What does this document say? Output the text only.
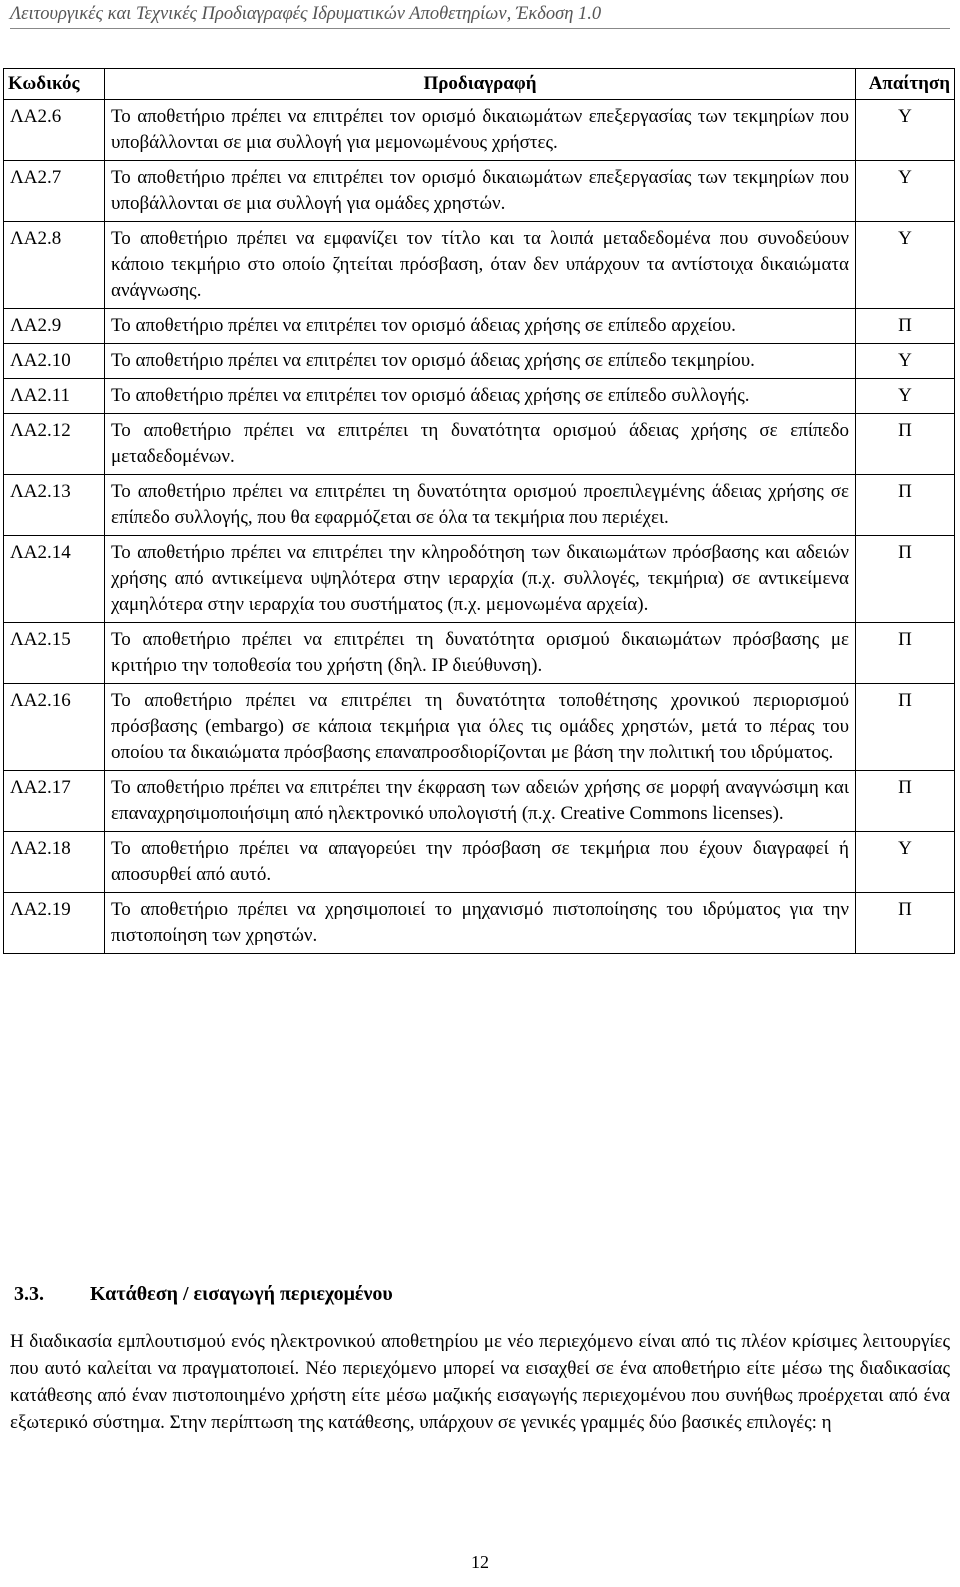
Λειτουργικές και Τεχνικές Προδιαγραφές Ιδρυματικών Αποθετηρίων, Έκδοση 1.0
Κωδικός	Προδιαγραφή	Απαίτηση
ΛΑ2.6	Το αποθετήριο πρέπει να επιτρέπει τον ορισμό δικαιωμάτων επεξεργασίας των τεκμηρίων που υποβάλλονται σε μια συλλογή για μεμονωμένους χρήστες.	Υ
ΛΑ2.7	Το αποθετήριο πρέπει να επιτρέπει τον ορισμό δικαιωμάτων επεξεργασίας των τεκμηρίων που υποβάλλονται σε μια συλλογή για ομάδες χρηστών.	Υ
ΛΑ2.8	Το αποθετήριο πρέπει να εμφανίζει τον τίτλο και τα λοιπά μεταδεδομένα που συνοδεύουν κάποιο τεκμήριο στο οποίο ζητείται πρόσβαση, όταν δεν υπάρχουν τα αντίστοιχα δικαιώματα ανάγνωσης.	Υ
ΛΑ2.9	Το αποθετήριο πρέπει να επιτρέπει τον ορισμό άδειας χρήσης σε επίπεδο αρχείου.	Π
ΛΑ2.10	Το αποθετήριο πρέπει να επιτρέπει τον ορισμό άδειας χρήσης σε επίπεδο τεκμηρίου.	Υ
ΛΑ2.11	Το αποθετήριο πρέπει να επιτρέπει τον ορισμό άδειας χρήσης σε επίπεδο συλλογής.	Υ
ΛΑ2.12	Το αποθετήριο πρέπει να επιτρέπει τη δυνατότητα ορισμού άδειας χρήσης σε επίπεδο μεταδεδομένων.	Π
ΛΑ2.13	Το αποθετήριο πρέπει να επιτρέπει τη δυνατότητα ορισμού προεπιλεγμένης άδειας χρήσης σε επίπεδο συλλογής, που θα εφαρμόζεται σε όλα τα τεκμήρια που περιέχει.	Π
ΛΑ2.14	Το αποθετήριο πρέπει να επιτρέπει την κληροδότηση των δικαιωμάτων πρόσβασης και αδειών χρήσης από αντικείμενα υψηλότερα στην ιεραρχία (π.χ. συλλογές, τεκμήρια) σε αντικείμενα χαμηλότερα στην ιεραρχία του συστήματος (π.χ. μεμονωμένα αρχεία).	Π
ΛΑ2.15	Το αποθετήριο πρέπει να επιτρέπει τη δυνατότητα ορισμού δικαιωμάτων πρόσβασης με κριτήριο την τοποθεσία του χρήστη (δηλ. IP διεύθυνση).	Π
ΛΑ2.16	Το αποθετήριο πρέπει να επιτρέπει τη δυνατότητα τοποθέτησης χρονικού περιορισμού πρόσβασης (embargo) σε κάποια τεκμήρια για όλες τις ομάδες χρηστών, μετά το πέρας του οποίου τα δικαιώματα πρόσβασης επαναπροσδιορίζονται με βάση την πολιτική του ιδρύματος.	Π
ΛΑ2.17	Το αποθετήριο πρέπει να επιτρέπει την έκφραση των αδειών χρήσης σε μορφή αναγνώσιμη και επαναχρησιμοποιήσιμη από ηλεκτρονικό υπολογιστή (π.χ. Creative Commons licenses).	Π
ΛΑ2.18	Το αποθετήριο πρέπει να απαγορεύει την πρόσβαση σε τεκμήρια που έχουν διαγραφεί ή αποσυρθεί από αυτό.	Υ
ΛΑ2.19	Το αποθετήριο πρέπει να χρησιμοποιεί το μηχανισμό πιστοποίησης του ιδρύματος για την πιστοποίηση των χρηστών.	Π
3.3. Κατάθεση / εισαγωγή περιεχομένου
Η διαδικασία εμπλουτισμού ενός ηλεκτρονικού αποθετηρίου με νέο περιεχόμενο είναι από τις πλέον κρίσιμες λειτουργίες που αυτό καλείται να πραγματοποιεί. Νέο περιεχόμενο μπορεί να εισαχθεί σε ένα αποθετήριο είτε μέσω της διαδικασίας κατάθεσης από έναν πιστοποιημένο χρήστη είτε μέσω μαζικής εισαγωγής περιεχομένου που συνήθως προέρχεται από ένα εξωτερικό σύστημα. Στην περίπτωση της κατάθεσης, υπάρχουν σε γενικές γραμμές δύο βασικές επιλογές: η
12
